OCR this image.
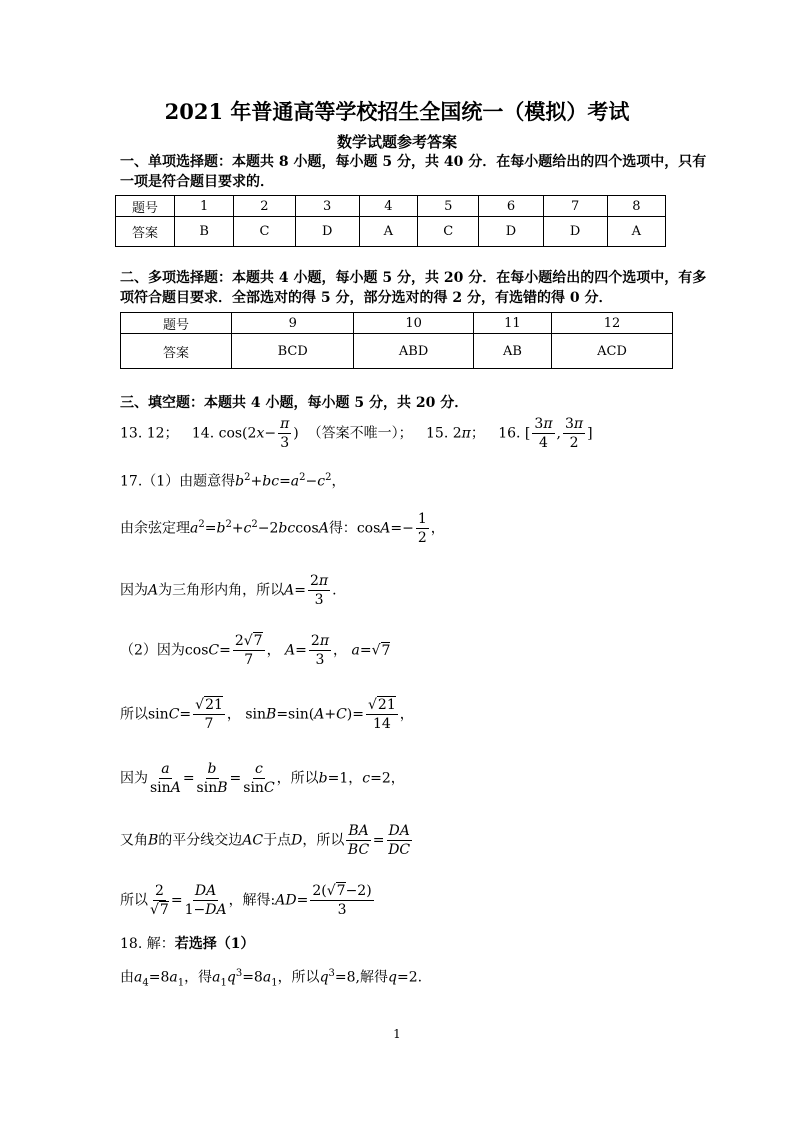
2021 年普通高等学校招生全国统一（模拟）考试
数学试题参考答案
一、单项选择题：本题共 8 小题，每小题 5 分，共 40 分．在每小题给出的四个选项中，只有
一项是符合题目要求的．
题号	1	2	3	4	5	6	7	8
答案	B	C	D	A	C	D	D	A
二、多项选择题：本题共 4 小题，每小题 5 分，共 20 分．在每小题给出的四个选项中，有多
项符合题目要求．全部选对的得 5 分，部分选对的得 2 分，有选错的得 0 分．
题号	9	10	11	12
答案	BCD	ABD	AB	ACD
三、填空题：本题共 4 小题，每小题 5 分，共 20 分．
13. 12； 14. $\cos(2x- \frac{\pi}{3}$ )  （答案不唯一）； 15. 2π；   16. [ $\frac{3\pi}{4}$ , $\frac{3\pi}{2}$ ]
17.（1）由题意得$b^2+bc=a^2-c^2$，
由余弦定理$a^2=b^2+c^2-2bccosA$得：$\cos A=- \frac{1}{2}$ ，
因为A为三角形内角，所以$A= \frac{2\pi}{3}$ .
（2）因为$\cos C= \frac{2√7}{7}$ ， $A= \frac{2\pi}{3}$ ， a=√7
所以$\sin C= \frac{√21}{7}$ ， $\sin B=\sin(A+C)= \frac{√21}{14}$ ，
因为 $\frac{a}{\sin A} = \frac{b}{\sin B} = \frac{c}{\sin C}$ ，所以b=1，c=2，
又角B的平分线交边AC于点D，所以 $\frac{BA}{BC} = \frac{DA}{DC}$
所以 $\frac{2}{√7} = \frac{DA}{1-DA}$ ，解得:AD= $\frac{2(√7-2)}{3}$
18. 解：若选择（1）
由$a_4=8a_1$，得$a_1q^3=8a_1$，所以$q^3=8$,解得q=2.
1
